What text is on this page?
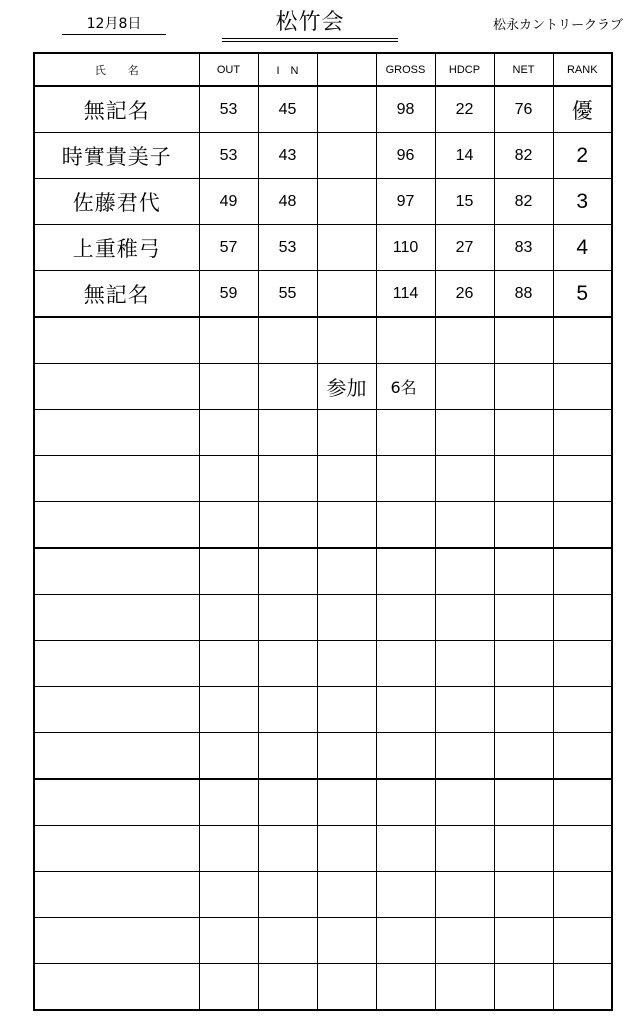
12月8日	松竹会	松永カントリークラブ
氏　　名	OUT	I　N		GROSS	HDCP	NET	RANK
無記名	53	45		98	22	76	優
時實貴美子	53	43		96	14	82	2
佐藤君代	49	48		97	15	82	3
上重稚弓	57	53		110	27	83	4
無記名	59	55		114	26	88	5

			参加	6名			
